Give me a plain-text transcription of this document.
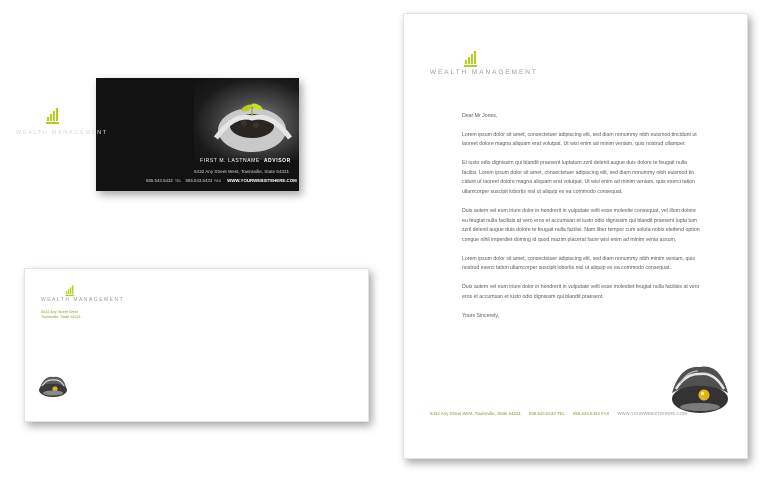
WEALTH MANAGEMENT
FIRST M. LASTNAME ADVISOR
5432 Any Street West, Townsville, State 54321
555.543.5432 TEL 555.543.5433 FAX WWW.YOURWEBSITEHERE.COM
WEALTH MANAGEMENT
5432 Any Street West
Townsville, State 54321
WEALTH MANAGEMENT

Dear Mr Jones,

Lorem ipsum dolor sit amet, consectetuer adipiscing elit, sed diam nonummy nibh euismod tincidunt ut laoreet dolore magna aliquam erat volutpat. Ut wisi enim ad minim veniam, quis nostrud ullamper.

Et iusto odio dignissim qui blandit praesent luptatum zzril delenit augue duis dolore te feugait nulla facilisi. Lorem ipsum dolor sit amet, consectetuer adipiscing elit, sed diam nonummy nibh euismod tin cidunt ut laoreet dolore magna aliquam erat volutpat. Ut wisi enim ad minim veniam, quis exerci tation ullamcorper suscipit lobortis nisl ut aliquip ex ea commodo consequat.

Duis autem vel eum iriure dolor in hendrerit in vulputate velit esse molestie consequat, vel illum dolore eu feugiat nulla facilisis at vero eros et accumsan et iusto odio dignissim qui blandit praesent lupta tum zzril delenit augue duis dolore te feugait nulla facilisi. Nam liber tempor cum soluta nobis eleifend option congue nihil imperdiet doming id quod mazim placerat facer wisi enim ad minim venia assum.

Lorem ipsum dolor sit amet, consectetuer adipiscing elit, sed diam nonummy nibh minim veniam, quis nostrud exerci tation ullamcorper suscipit lobortis nisl ut aliquip ex ea commodo consequat.

Duis autem vel eum iriure dolor in hendrerit in vulputate velit esse molestiet feugiat nulla facilisis at vero eros et accumsan et iusto odio dignissim qui blandit praesent.

Yours Sincerely,

5432 Any Street West, Townsville, State 54321 555.543.5432 TEL 555.543.5433 FAX WWW.YOURWEBSITEHERE.COM
